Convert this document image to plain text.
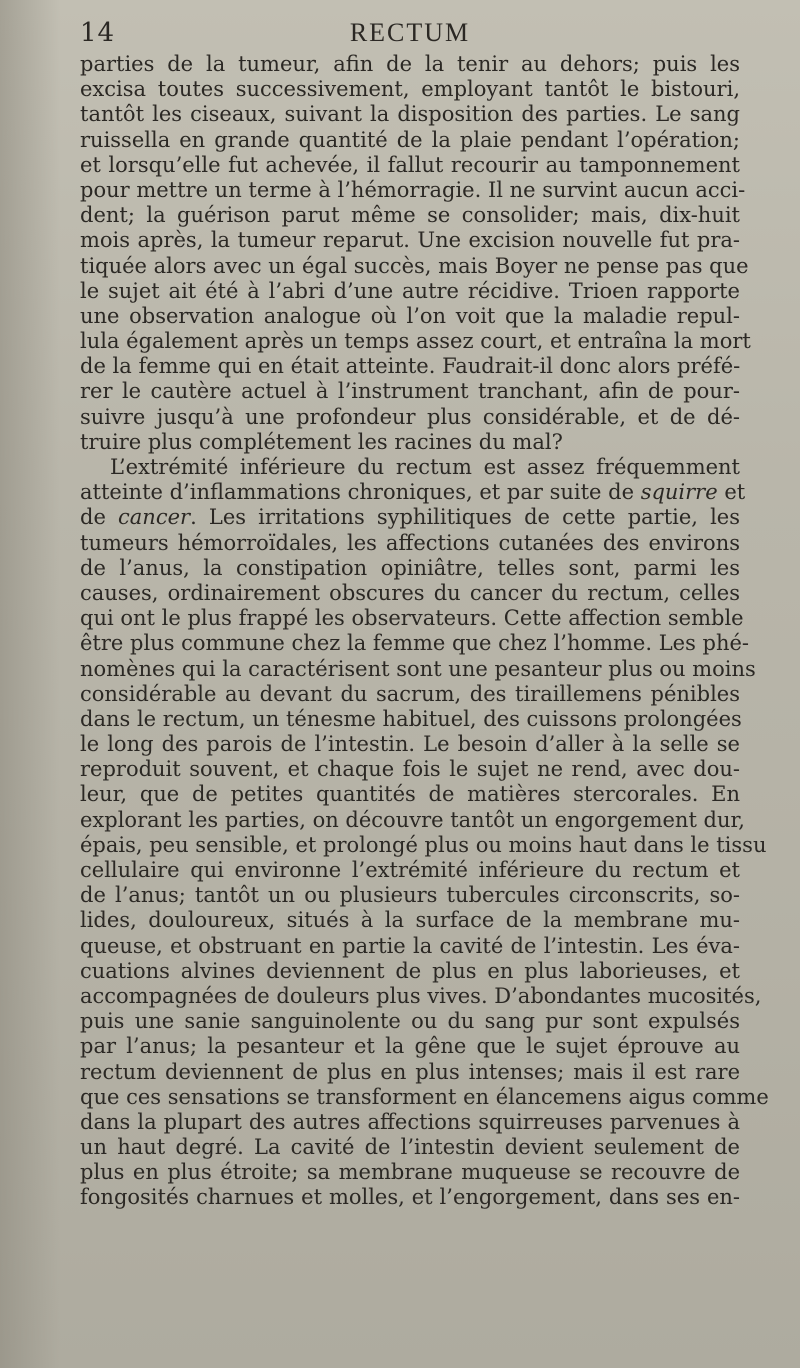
14	RECTUM
parties de la tumeur, afin de la tenir au dehors; puis les
excisa toutes successivement, employant tantôt le bistouri,
tantôt les ciseaux, suivant la disposition des parties. Le sang
ruissella en grande quantité de la plaie pendant l’opération;
et lorsqu’elle fut achevée, il fallut recourir au tamponnement
pour mettre un terme à l’hémorragie. Il ne survint aucun acci-
dent; la guérison parut même se consolider; mais, dix-huit
mois après, la tumeur reparut. Une excision nouvelle fut pra-
tiquée alors avec un égal succès, mais Boyer ne pense pas que
le sujet ait été à l’abri d’une autre récidive. Trioen rapporte
une observation analogue où l’on voit que la maladie repul-
lula également après un temps assez court, et entraîna la mort
de la femme qui en était atteinte. Faudrait-il donc alors préfé-
rer le cautère actuel à l’instrument tranchant, afin de pour-
suivre jusqu’à une profondeur plus considérable, et de dé-
truire plus complétement les racines du mal?
L’extrémité inférieure du rectum est assez fréquemment
atteinte d’inflammations chroniques, et par suite de squirre et
de cancer. Les irritations syphilitiques de cette partie, les
tumeurs hémorroïdales, les affections cutanées des environs
de l’anus, la constipation opiniâtre, telles sont, parmi les
causes, ordinairement obscures du cancer du rectum, celles
qui ont le plus frappé les observateurs. Cette affection semble
être plus commune chez la femme que chez l’homme. Les phé-
nomènes qui la caractérisent sont une pesanteur plus ou moins
considérable au devant du sacrum, des tiraillemens pénibles
dans le rectum, un ténesme habituel, des cuissons prolongées
le long des parois de l’intestin. Le besoin d’aller à la selle se
reproduit souvent, et chaque fois le sujet ne rend, avec dou-
leur, que de petites quantités de matières stercorales. En
explorant les parties, on découvre tantôt un engorgement dur,
épais, peu sensible, et prolongé plus ou moins haut dans le tissu
cellulaire qui environne l’extrémité inférieure du rectum et
de l’anus; tantôt un ou plusieurs tubercules circonscrits, so-
lides, douloureux, situés à la surface de la membrane mu-
queuse, et obstruant en partie la cavité de l’intestin. Les éva-
cuations alvines deviennent de plus en plus laborieuses, et
accompagnées de douleurs plus vives. D’abondantes mucosités,
puis une sanie sanguinolente ou du sang pur sont expulsés
par l’anus; la pesanteur et la gêne que le sujet éprouve au
rectum deviennent de plus en plus intenses; mais il est rare
que ces sensations se transforment en élancemens aigus comme
dans la plupart des autres affections squirreuses parvenues à
un haut degré. La cavité de l’intestin devient seulement de
plus en plus étroite; sa membrane muqueuse se recouvre de
fongosités charnues et molles, et l’engorgement, dans ses en-
